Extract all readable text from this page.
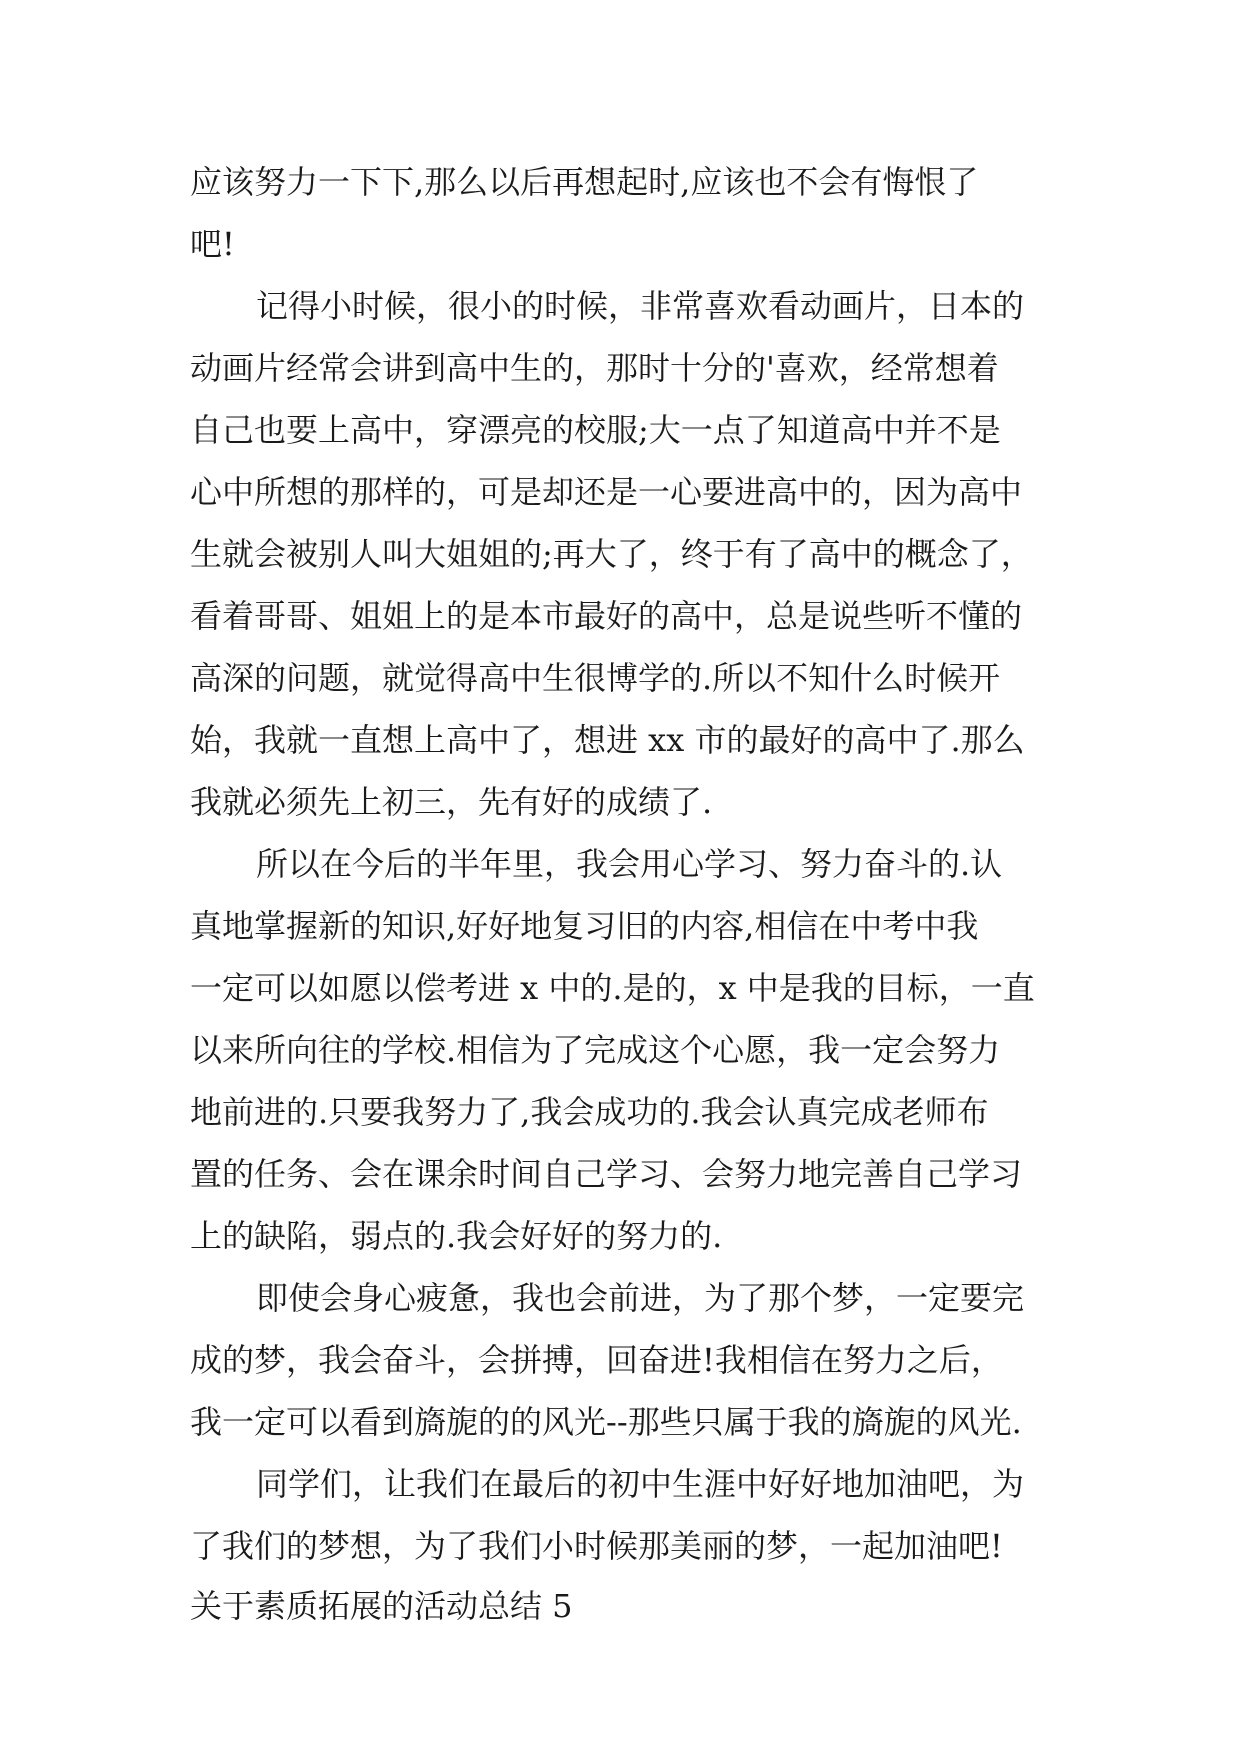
应该努力一下下,那么以后再想起时,应该也不会有悔恨了

吧!

记得小时候，很小的时候，非常喜欢看动画片，日本的

动画片经常会讲到高中生的，那时十分的'喜欢，经常想着

自己也要上高中，穿漂亮的校服;大一点了知道高中并不是

心中所想的那样的，可是却还是一心要进高中的，因为高中

生就会被别人叫大姐姐的;再大了，终于有了高中的概念了，

看着哥哥、姐姐上的是本市最好的高中，总是说些听不懂的

高深的问题，就觉得高中生很博学的.所以不知什么时候开

始，我就一直想上高中了，想进 xx 市的最好的高中了.那么

我就必须先上初三，先有好的成绩了.

所以在今后的半年里，我会用心学习、努力奋斗的.认

真地掌握新的知识,好好地复习旧的内容,相信在中考中我

一定可以如愿以偿考进 x 中的.是的，x 中是我的目标，一直

以来所向往的学校.相信为了完成这个心愿，我一定会努力

地前进的.只要我努力了,我会成功的.我会认真完成老师布

置的任务、会在课余时间自己学习、会努力地完善自己学习

上的缺陷，弱点的.我会好好的努力的.

即使会身心疲惫，我也会前进，为了那个梦，一定要完

成的梦，我会奋斗，会拼搏，回奋进!我相信在努力之后，

我一定可以看到旖旎的的风光--那些只属于我的旖旎的风光.

同学们，让我们在最后的初中生涯中好好地加油吧，为

了我们的梦想，为了我们小时候那美丽的梦，一起加油吧!

关于素质拓展的活动总结 5
